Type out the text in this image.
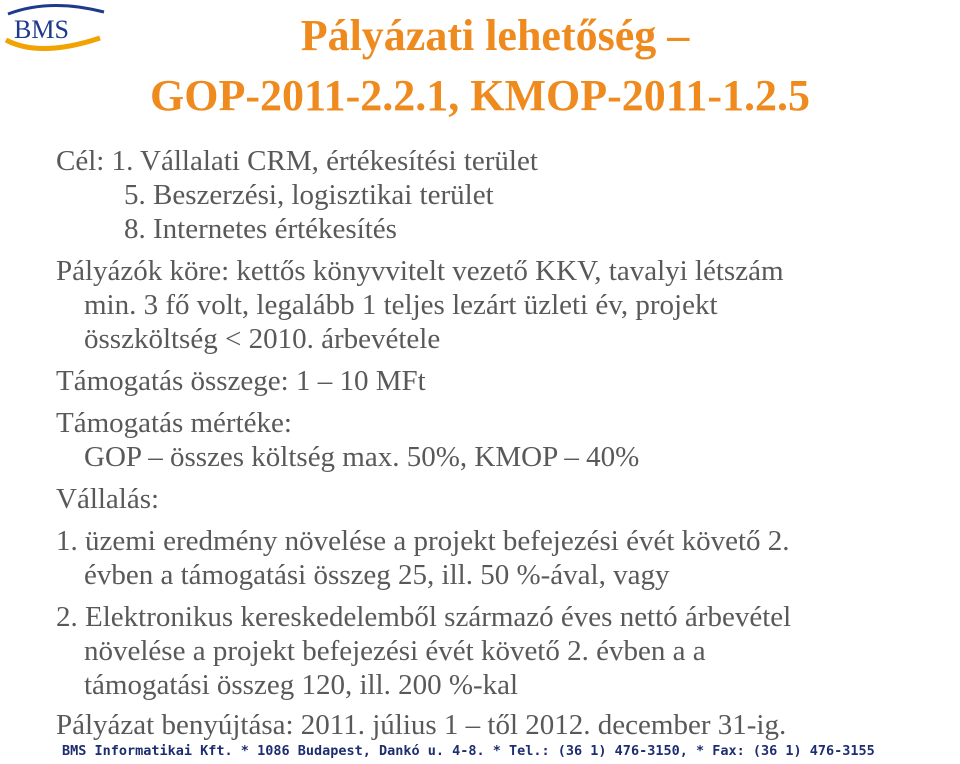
BMS	Pályázati lehetőség –
GOP-2011-2.2.1, KMOP-2011-1.2.5
Cél: 1. Vállalati CRM, értékesítési terület
5. Beszerzési, logisztikai terület
8. Internetes értékesítés
Pályázók köre: kettős könyvvitelt vezető KKV, tavalyi létszám
min. 3 fő volt, legalább 1 teljes lezárt üzleti év, projekt
összköltség < 2010. árbevétele
Támogatás összege: 1 – 10 MFt
Támogatás mértéke:
GOP – összes költség max. 50%, KMOP – 40%
Vállalás:
1. üzemi eredmény növelése a projekt befejezési évét követő 2.
évben a támogatási összeg 25, ill. 50 %-ával, vagy
2. Elektronikus kereskedelemből származó éves nettó árbevétel
növelése a projekt befejezési évét követő 2. évben a a
támogatási összeg 120, ill. 200 %-kal
Pályázat benyújtása: 2011. július 1 – től 2012. december 31-ig.
BMS Informatikai Kft. * 1086 Budapest, Dankó u. 4-8. * Tel.: (36 1) 476-3150, * Fax: (36 1) 476-3155
